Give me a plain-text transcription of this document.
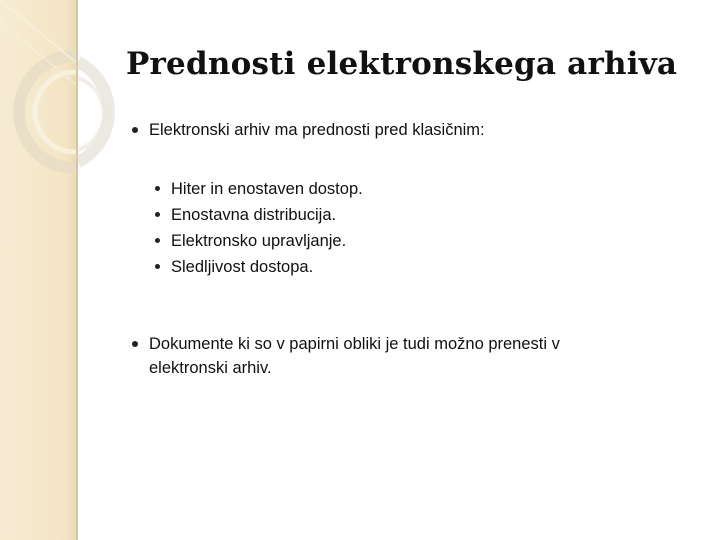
Prednosti elektronskega arhiva
Elektronski arhiv ma prednosti pred klasičnim:
Hiter in enostaven dostop.
Enostavna distribucija.
Elektronsko upravljanje.
Sledljivost dostopa.
Dokumente ki so v papirni obliki je tudi možno prenesti v elektronski arhiv.
